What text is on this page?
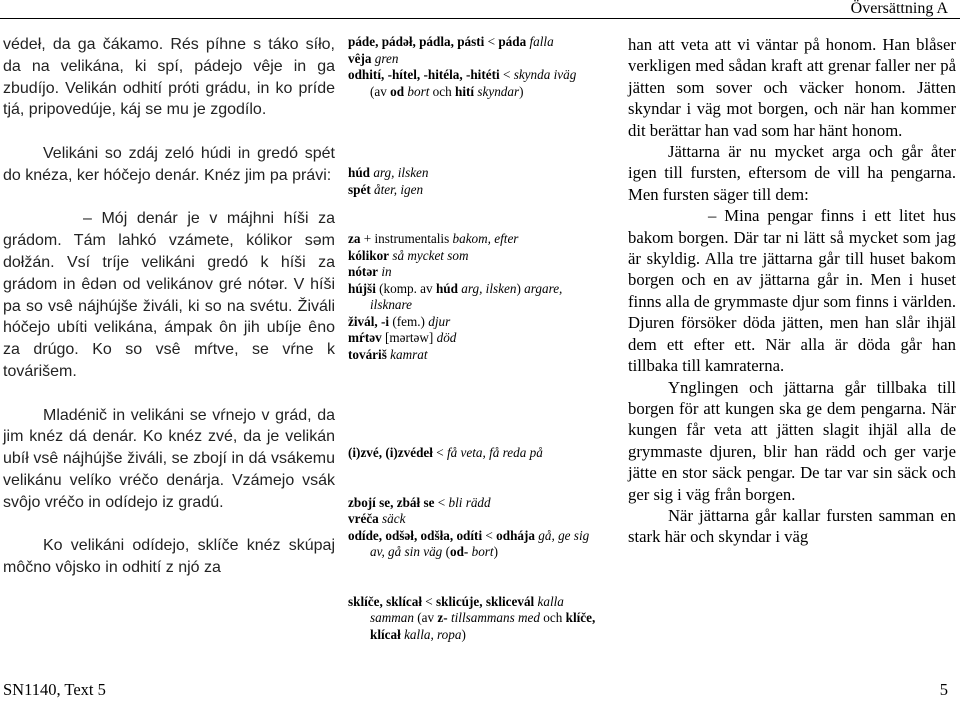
Översättning A

védeł, da ga čákamo. Rés píhne s táko síło, da na velikána, ki spí, pádejo vêje in ga zbudíjo. Velikán odhití próti grádu, in ko príde tjá, pripovedúje, káj se mu je zgodílo.

Velikáni so zdáj zeló húdi in gredó spét do knéza, ker hóčejo denár. Knéz jim pa právi:

– Mój denár je v májhni híši za grádom. Tám lahkó vzámete, kólikor səm dołžán. Vsí tríje velikáni gredó k híši za grádom in êdən od velikánov gré nótər. V híši pa so vsê nájhújše živáli, ki so na svétu. Živáli hóčejo ubíti velikána, ámpak ôn jih ubíje êno za drúgo. Ko so vsê mŕtve, se vŕne k továrišem.

Mladénič in velikáni se vŕnejo v grád, da jim knéz dá denár. Ko knéz zvé, da je velikán ubíł vsê nájhújše živáli, se zbojí in dá vsákemu velikánu velíko vréčo denárja. Vzámejo vsák svôjo vréčo in odídejo iz gradú.

Ko velikáni odídejo, sklíče knéz skúpaj môčno vôjsko in odhití z njó za

páde, pádəł, pádla, pásti < páda falla

vêja gren

odhití, -hítel, -hitéla, -hitéti < skynda iväg

(av od bort och hití skyndar)

húd arg, ilsken

spét åter, igen

za + instrumentalis bakom, efter

kólikor så mycket som

nótər in

hújši (komp. av húd arg, ilsken) argare,

ilsknare

živál, -i (fem.) djur

mŕtəv [mərtəw] död

továriš kamrat

(i)zvé, (i)zvédeł < få veta, få reda på

zbojí se, zbáł se < bli rädd

vréča säck

odíde, odšəł, odšła, odíti < odhája gå, ge sig

av, gå sin väg (od- bort)

sklíče, sklícał < sklicúje, sklicevál kalla

samman (av z- tillsammans med och klíče,

klícał kalla, ropa)

han att veta att vi väntar på honom. Han blåser verkligen med sådan kraft att grenar faller ner på jätten som sover och väcker honom. Jätten skyndar i väg mot borgen, och när han kommer dit berättar han vad som har hänt honom.

Jättarna är nu mycket arga och går åter igen till fursten, eftersom de vill ha pengarna. Men fursten säger till dem:

– Mina pengar finns i ett litet hus bakom borgen. Där tar ni lätt så mycket som jag är skyldig. Alla tre jättarna går till huset bakom borgen och en av jättarna går in. Men i huset finns alla de grymmaste djur som finns i världen. Djuren försöker döda jätten, men han slår ihjäl dem ett efter ett. När alla är döda går han tillbaka till kamraterna.

Ynglingen och jättarna går tillbaka till borgen för att kungen ska ge dem pengarna. När kungen får veta att jätten slagit ihjäl alla de grymmaste djuren, blir han rädd och ger varje jätte en stor säck pengar. De tar var sin säck och ger sig i väg från borgen.

När jättarna går kallar fursten samman en stark här och skyndar i väg

SN1140, Text 5	5
